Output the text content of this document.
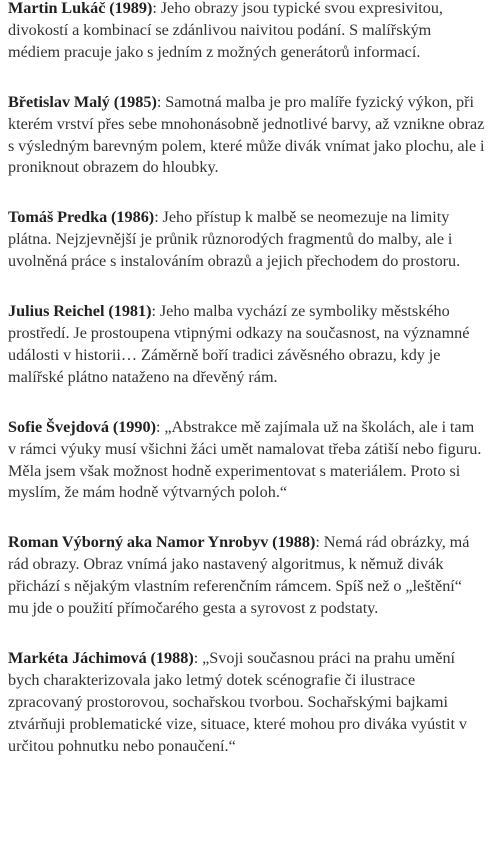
Martin Lukáč (1989): Jeho obrazy jsou typické svou expresivitou, divokostí a kombinací se zdánlivou naivitou podání. S malířským médiem pracuje jako s jedním z možných generátorů informací.

Břetislav Malý (1985): Samotná malba je pro malíře fyzický výkon, při kterém vrství přes sebe mnohonásobně jednotlivé barvy, až vznikne obraz s výsledným barevným polem, které může divák vnímat jako plochu, ale i proniknout obrazem do hloubky.

Tomáš Predka (1986): Jeho přístup k malbě se neomezuje na limity plátna. Nejzjevnější je průnik různorodých fragmentů do malby, ale i uvolněná práce s instalováním obrazů a jejich přechodem do prostoru.

Julius Reichel (1981): Jeho malba vychází ze symboliky městského prostředí. Je prostoupena vtipnými odkazy na současnost, na významné události v historii… Záměrně boří tradici závěsného obrazu, kdy je malířské plátno nataženo na dřevěný rám.

Sofie Švejdová (1990): „Abstrakce mě zajímala už na školách, ale i tam v rámci výuky musí všichni žáci umět namalovat třeba zátiší nebo figuru. Měla jsem však možnost hodně experimentovat s materiálem. Proto si myslím, že mám hodně výtvarných poloh.“

Roman Výborný aka Namor Ynrobyv (1988): Nemá rád obrázky, má rád obrazy. Obraz vnímá jako nastavený algoritmus, k němuž divák přichází s nějakým vlastním referenčním rámcem. Spíš než o „leštění“ mu jde o použití přímočarého gesta a syrovost z podstaty.

Markéta Jáchimová (1988): „Svoji současnou práci na prahu umění bych charakterizovala jako letmý dotek scénografie či ilustrace zpracovaný prostorovou, sochařskou tvorbou. Sochařskými bajkami ztvárňuji problematické vize, situace, které mohou pro diváka vyústit v určitou pohnutku nebo ponaučení.“
